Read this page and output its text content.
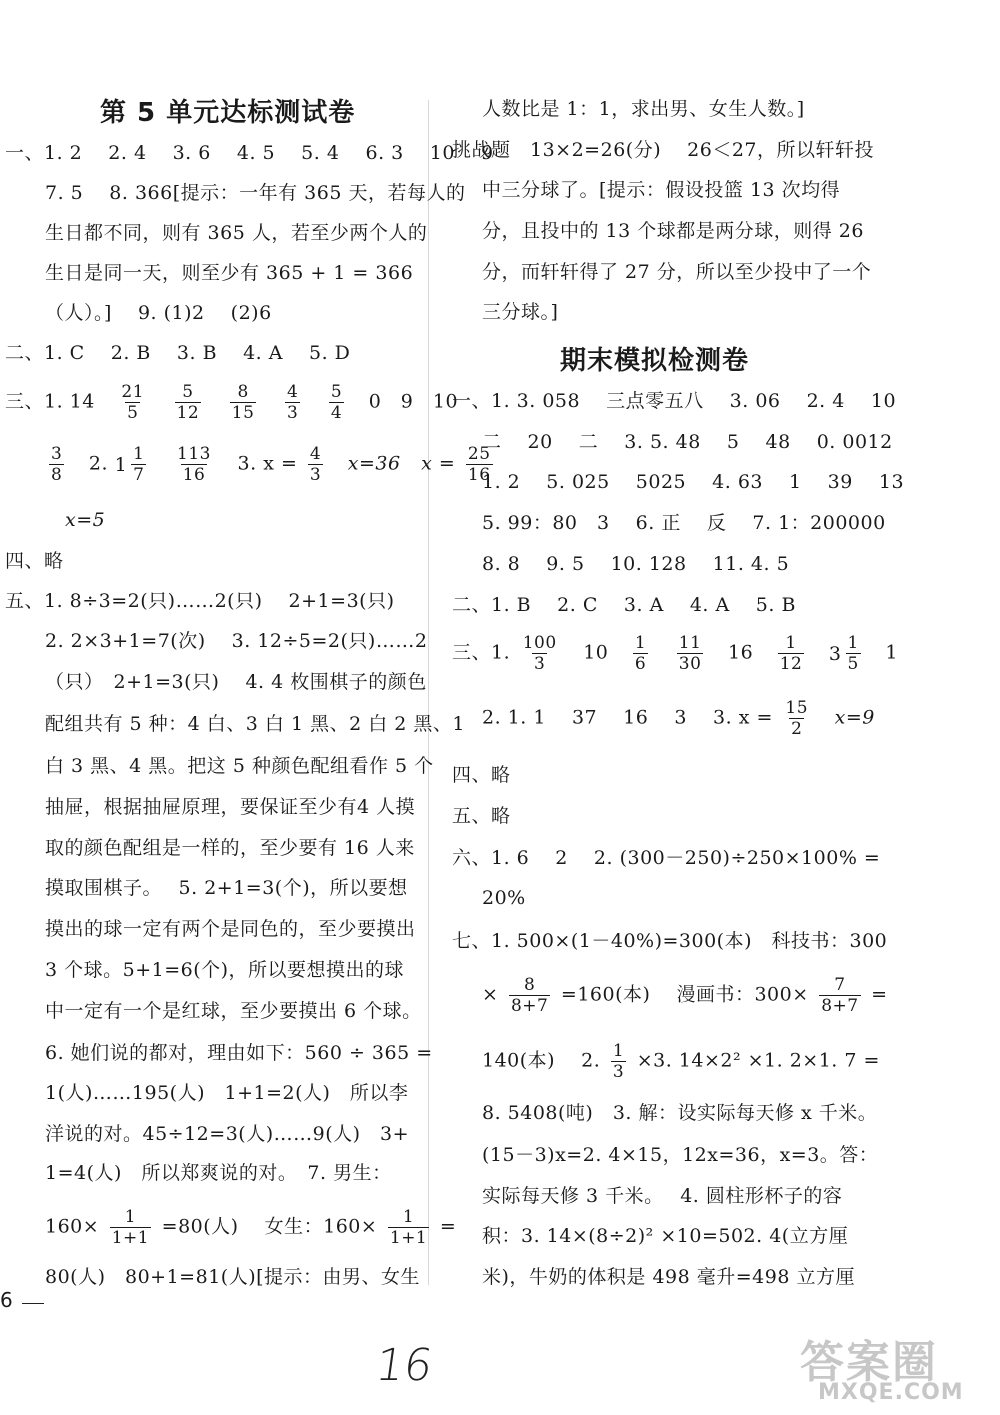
第 5 单元达标测试卷
一、1. 2　 2. 4　 3. 6　 4. 5　 5. 4　 6. 3　 10　 9
7. 5　 8. 366[提示：一年有 365 天，若每人的
生日都不同，则有 365 人，若至少两个人的
生日是同一天，则至少有 365 + 1 = 366
（人）。]　 9. (1)2　 (2)6
二、1. C　 2. B　 3. B　 4. A　 5. D
三、1. $14 \frac{21}{5}$
$\frac{5}{12}$
$\frac{8}{15}$
$\frac{4}{3}$
$\frac{5}{4} 0$　9　10
$\frac{3}{8} 2$. $1 \frac{1}{7}$
$\frac{113}{16} 3$. $x = \frac{4}{3} x=36$ $x = \frac{25}{16}$
x=5
四、略
五、1. 8÷3=2(只)……2(只)　 2+1=3(只)
2. 2×3+1=7(次)　 3. 12÷5=2(只)……2
（只）　2+1=3(只)　 4. 4 枚围棋子的颜色
配组共有 5 种：4 白、3 白 1 黑、2 白 2 黑、1
白 3 黑、4 黑。把这 5 种颜色配组看作 5 个
抽屉，根据抽屉原理，要保证至少有4 人摸
取的颜色配组是一样的，至少要有 16 人来
摸取围棋子。　 5. 2+1=3(个)，所以要想
摸出的球一定有两个是同色的，至少要摸出
3 个球。5+1=6(个)，所以要想摸出的球
中一定有一个是红球，至少要摸出 6 个球。
6. 她们说的都对，理由如下：560 ÷ 365 =
1(人)……195(人)　1+1=2(人)　所以李
洋说的对。45÷12=3(人)……9(人)　3+
1=4(人)　所以郑爽说的对。　7. 男生：
$160\times \frac{1}{1+1} =80$(人)　 女生：$160\times \frac{1}{1+1}$ =
80(人)　80+1=81(人)[提示：由男、女生
人数比是 1：1，求出男、女生人数。]
挑战题　13×2=26(分)　 26＜27，所以轩轩投
中三分球了。[提示：假设投篮 13 次均得
分，且投中的 13 个球都是两分球，则得 26
分，而轩轩得了 27 分，所以至少投中了一个
三分球。]
期末模拟检测卷
一、1. 3. 058　 三点零五八　 3. 06　 2. 4　 10
二　 20　 二　 3. 5. 48　 5　 48　 0. 0012
1. 2　 5. 025　 5025　 4. 63　 1　 39　 13
5. 99：80　3　 6. 正　 反　 7. 1：200000
8. 8　 9. 5　 10. 128　 11. 4. 5
二、1. B　 2. C　 3. A　 4. A　 5. B
三、1. $\frac{100}{3} 10 \frac{1}{6}$
$\frac{11}{30} 16 \frac{1}{12}$
$3 \frac{1}{5} 1$
2. 1. 1　 37　 16　 3　 3. $x = \frac{15}{2} x=9$
四、略
五、略
六、1. 6　 2　 2. (300－250)÷250×100% =
20%
七、1. 500×(1－40%)=300(本)　科技书：300
× $\frac{8}{8+7} =160$(本)　 漫画书：$300\times \frac{7}{8+7}$ =
140(本)　 2. $\frac{1}{3} \times 3$. 14×2² ×1. 2×1. 7 =
8. 5408(吨)　3. 解：设实际每天修 x 千米。
(15－3)x=2. 4×15，12x=36，x=3。答：
实际每天修 3 千米。　 4. 圆柱形杯子的容
积：3. 14×(8÷2)² ×10=502. 4(立方厘
米)，牛奶的体积是 498 毫升=498 立方厘
6
16	答案圈
MXQE.COM
